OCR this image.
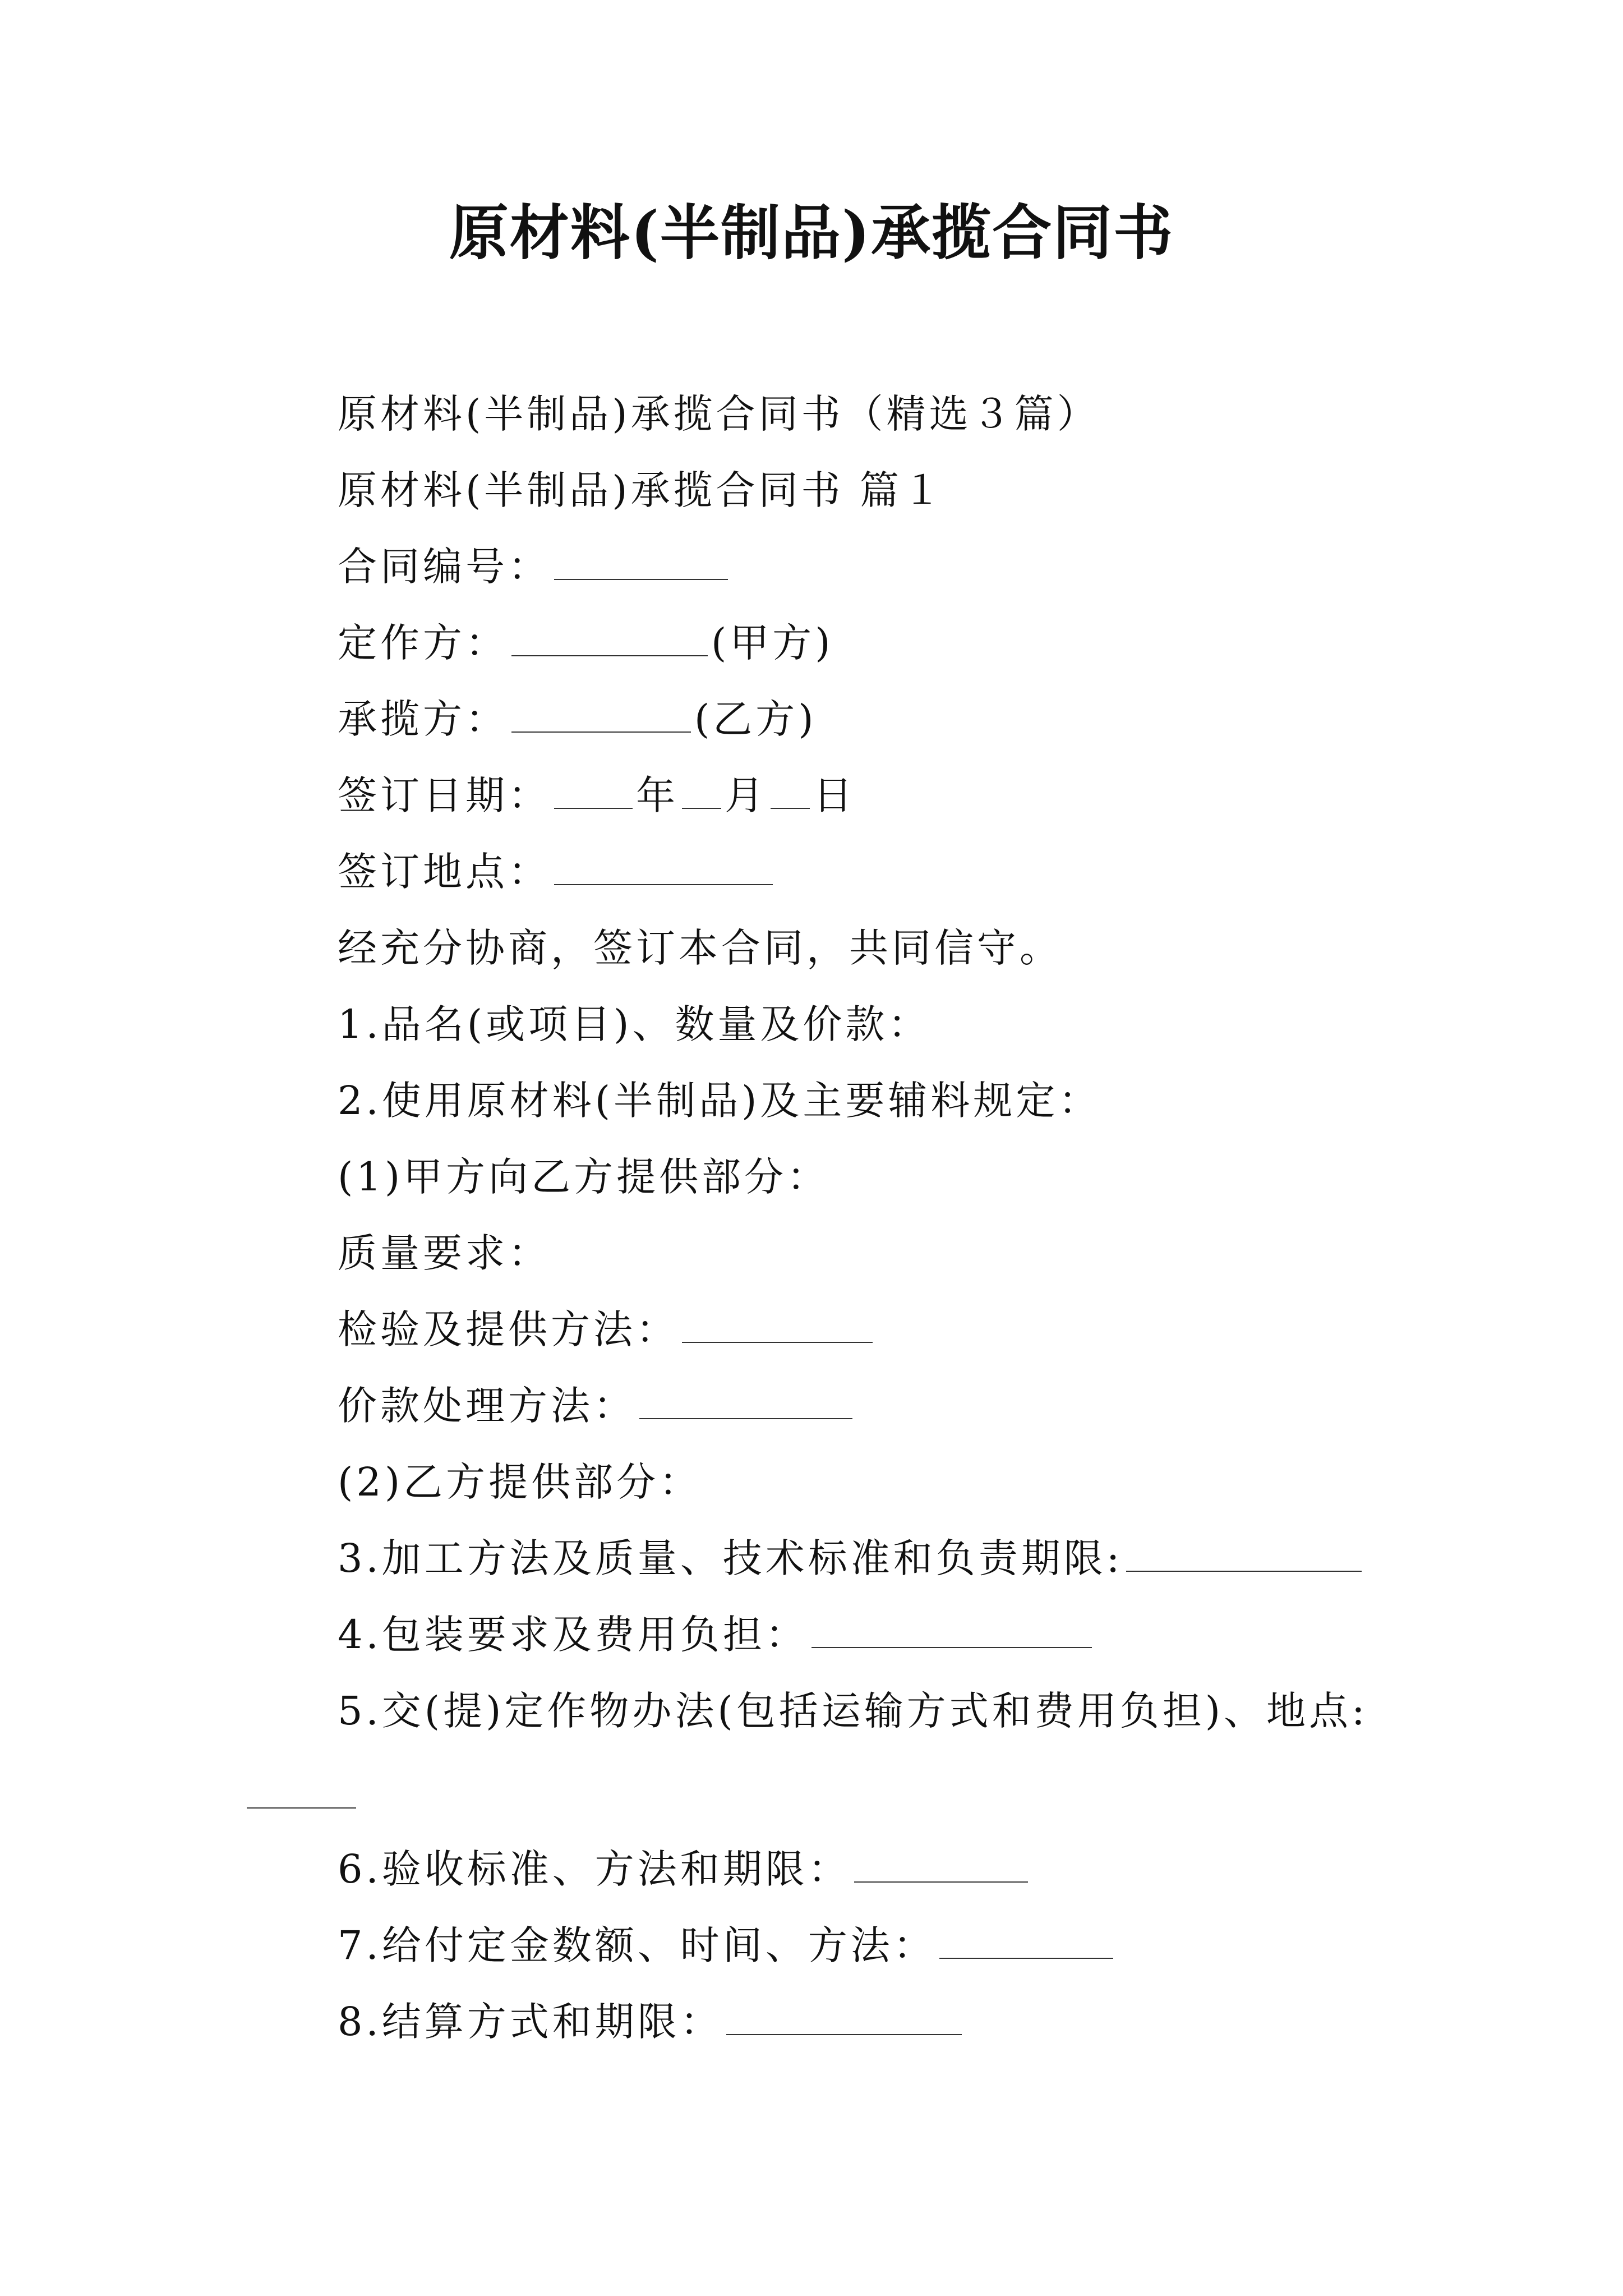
原材料(半制品)承揽合同书
原材料(半制品)承揽合同书（精选３篇）
原材料(半制品)承揽合同书 篇１
合同编号：
定作方：	(甲方)
承揽方：	(乙方)
签订日期： 年 月 日
签订地点：
经充分协商，签订本合同，共同信守。
1.品名(或项目)、数量及价款：
2.使用原材料(半制品)及主要辅料规定：
(1)甲方向乙方提供部分：
质量要求：
检验及提供方法：
价款处理方法：
(2)乙方提供部分：
3.加工方法及质量、技术标准和负责期限:
4.包装要求及费用负担：
5.交(提)定作物办法(包括运输方式和费用负担)、地点:
6.验收标准、方法和期限：
7.给付定金数额、时间、方法：
8.结算方式和期限：
